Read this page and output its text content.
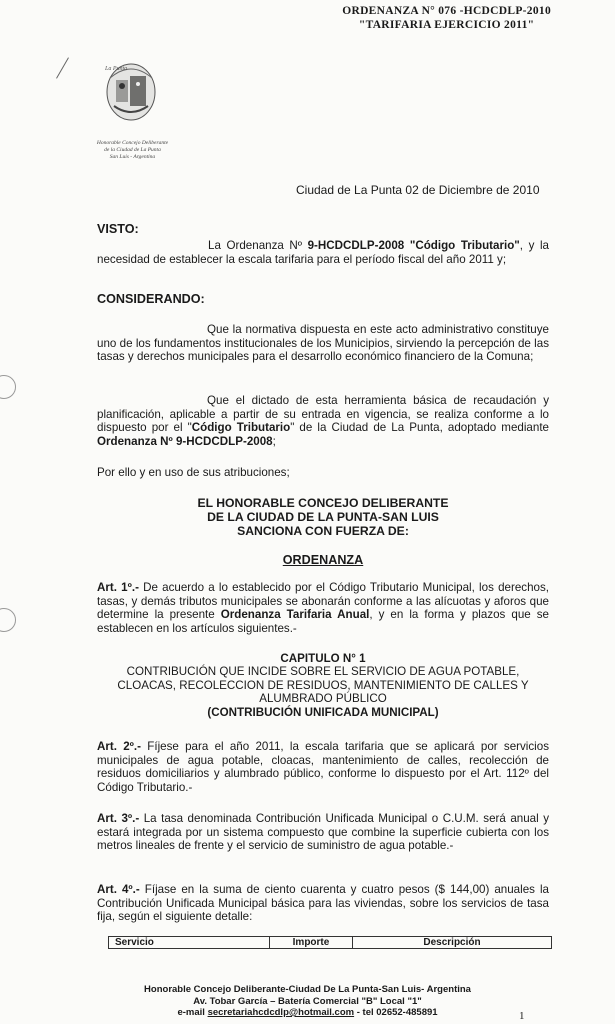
ORDENANZA N° 076 -HCDCDLP-2010
"TARIFARIA EJERCICIO 2011"
La Punta
Honorable Concejo Deliberante
de la Ciudad de La Punta
San Luis - Argentina
Ciudad de La Punta 02 de Diciembre de 2010
VISTO:
La Ordenanza Nº 9-HCDCDLP-2008 "Código Tributario", y la necesidad de establecer la escala tarifaria para el período fiscal del año 2011 y;
CONSIDERANDO:
Que la normativa dispuesta en este acto administrativo constituye uno de los fundamentos institucionales de los Municipios, sirviendo la percepción de las tasas y derechos municipales para el desarrollo económico financiero de la Comuna;
Que el dictado de esta herramienta básica de recaudación y planificación, aplicable a partir de su entrada en vigencia, se realiza conforme a lo dispuesto por el "Código Tributario" de la Ciudad de La Punta, adoptado mediante Ordenanza Nº 9-HCDCDLP-2008;
Por ello y en uso de sus atribuciones;
EL HONORABLE CONCEJO DELIBERANTE
DE LA CIUDAD DE LA PUNTA-SAN LUIS
SANCIONA CON FUERZA DE:
ORDENANZA
Art. 1º.- De acuerdo a lo establecido por el Código Tributario Municipal, los derechos, tasas, y demás tributos municipales se abonarán conforme a las alícuotas y aforos que determine la presente Ordenanza Tarifaria Anual, y en la forma y plazos que se establecen en los artículos siguientes.-
CAPITULO N° 1
CONTRIBUCIÓN QUE INCIDE SOBRE EL SERVICIO DE AGUA POTABLE,
CLOACAS, RECOLECCION DE RESIDUOS, MANTENIMIENTO DE CALLES Y
ALUMBRADO PÚBLICO
(CONTRIBUCIÓN UNIFICADA MUNICIPAL)
Art. 2º.- Fíjese para el año 2011, la escala tarifaria que se aplicará por servicios municipales de agua potable, cloacas, mantenimiento de calles, recolección de residuos domiciliarios y alumbrado público, conforme lo dispuesto por el Art. 112º del Código Tributario.-
Art. 3º.- La tasa denominada Contribución Unificada Municipal o C.U.M. será anual y estará integrada por un sistema compuesto que combine la superficie cubierta con los metros lineales de frente y el servicio de suministro de agua potable.-
Art. 4º.- Fíjase en la suma de ciento cuarenta y cuatro pesos ($ 144,00) anuales la Contribución Unificada Municipal básica para las viviendas, sobre los servicios de tasa fija, según el siguiente detalle:
Servicio	Importe	Descripción
Honorable Concejo Deliberante-Ciudad De La Punta-San Luis- Argentina
Av. Tobar García – Batería Comercial "B" Local "1"
e-mail secretariahcdcdlp@hotmail.com - tel 02652-485891	1
